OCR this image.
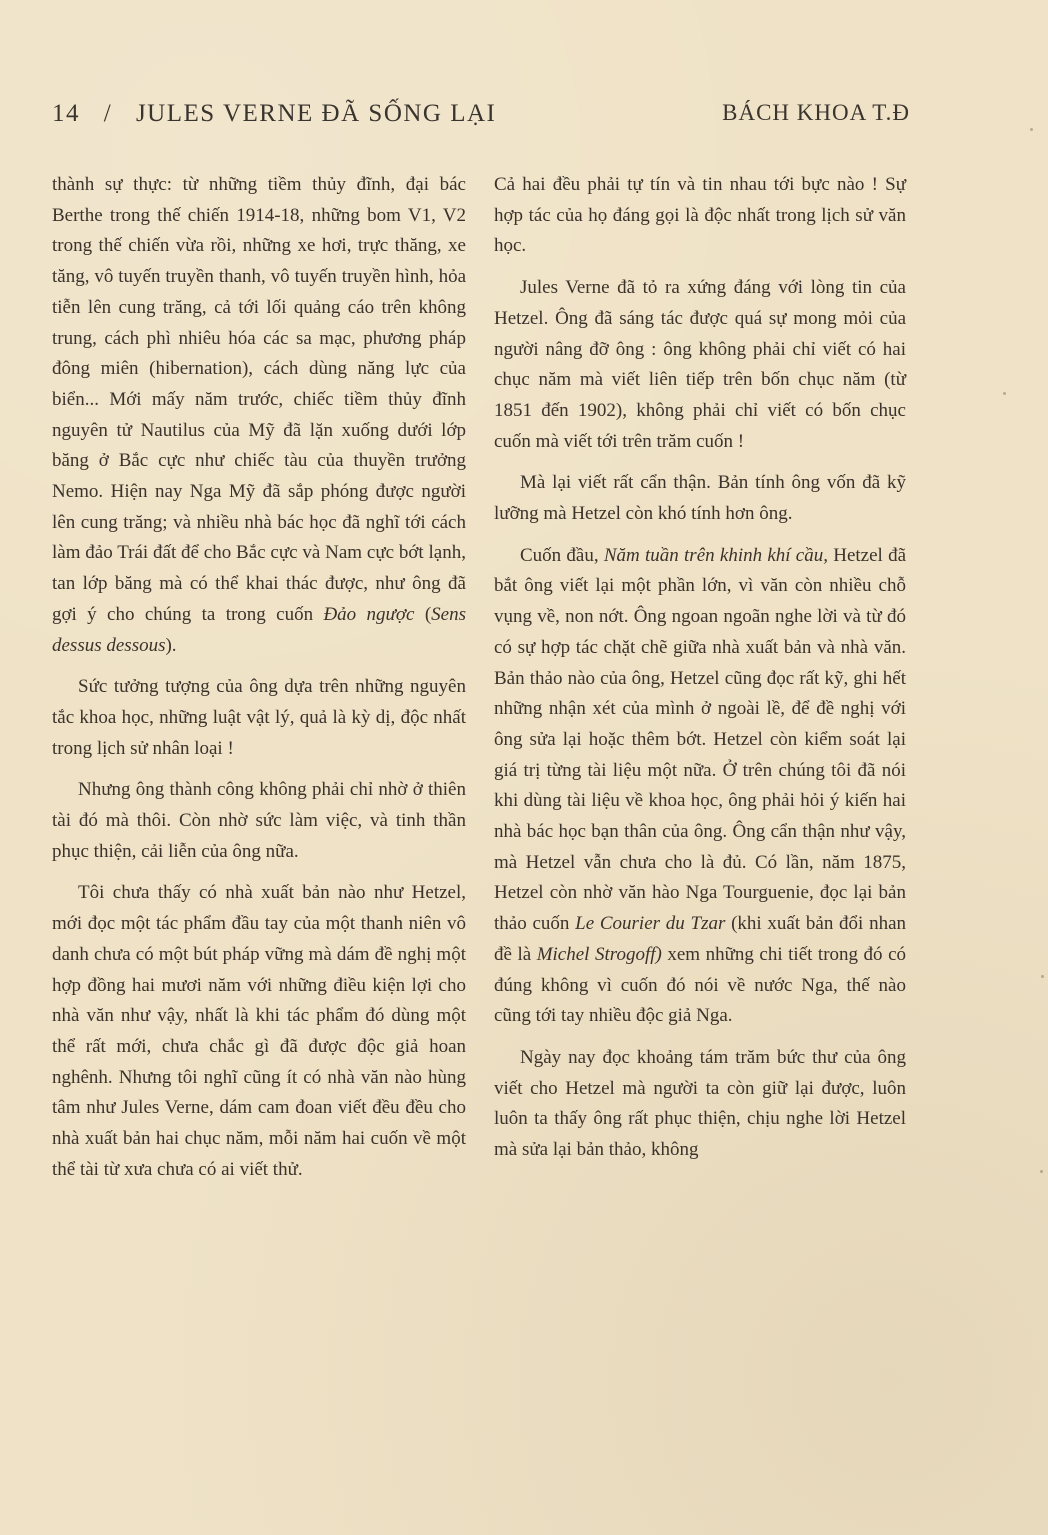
14 / JULES VERNE ĐÃ SỐNG LẠI	BÁCH KHOA T.Đ

thành sự thực: từ những tiềm thủy đĩnh, đại bác Berthe trong thế chiến 1914-18, những bom V1, V2 trong thế chiến vừa rồi, những xe hơi, trực thăng, xe tăng, vô tuyến truyền thanh, vô tuyến truyền hình, hỏa tiễn lên cung trăng, cả tới lối quảng cáo trên không trung, cách phì nhiêu hóa các sa mạc, phương pháp đông miên (hibernation), cách dùng năng lực của biển... Mới mấy năm trước, chiếc tiềm thủy đĩnh nguyên tử Nautilus của Mỹ đã lặn xuống dưới lớp băng ở Bắc cực như chiếc tàu của thuyền trưởng Nemo. Hiện nay Nga Mỹ đã sắp phóng được người lên cung trăng; và nhiều nhà bác học đã nghĩ tới cách làm đảo Trái đất để cho Bắc cực và Nam cực bớt lạnh, tan lớp băng mà có thể khai thác được, như ông đã gợi ý cho chúng ta trong cuốn Đảo ngược (Sens dessus dessous).

Sức tưởng tượng của ông dựa trên những nguyên tắc khoa học, những luật vật lý, quả là kỳ dị, độc nhất trong lịch sử nhân loại !

Nhưng ông thành công không phải chỉ nhờ ở thiên tài đó mà thôi. Còn nhờ sức làm việc, và tinh thần phục thiện, cải liễn của ông nữa.

Tôi chưa thấy có nhà xuất bản nào như Hetzel, mới đọc một tác phẩm đầu tay của một thanh niên vô danh chưa có một bút pháp vững mà dám đề nghị một hợp đồng hai mươi năm với những điều kiện lợi cho nhà văn như vậy, nhất là khi tác phẩm đó dùng một thể rất mới, chưa chắc gì đã được độc giả hoan nghênh. Nhưng tôi nghĩ cũng ít có nhà văn nào hùng tâm như Jules Verne, dám cam đoan viết đều đều cho nhà xuất bản hai chục năm, mỗi năm hai cuốn về một thể tài từ xưa chưa có ai viết thử.

Cả hai đều phải tự tín và tin nhau tới bực nào ! Sự hợp tác của họ đáng gọi là độc nhất trong lịch sử văn học.

Jules Verne đã tỏ ra xứng đáng với lòng tin của Hetzel. Ông đã sáng tác được quá sự mong mỏi của người nâng đỡ ông : ông không phải chỉ viết có hai chục năm mà viết liên tiếp trên bốn chục năm (từ 1851 đến 1902), không phải chỉ viết có bốn chục cuốn mà viết tới trên trăm cuốn !

Mà lại viết rất cẩn thận. Bản tính ông vốn đã kỹ lưỡng mà Hetzel còn khó tính hơn ông.

Cuốn đầu, Năm tuần trên khinh khí cầu, Hetzel đã bắt ông viết lại một phần lớn, vì văn còn nhiều chỗ vụng về, non nớt. Ông ngoan ngoãn nghe lời và từ đó có sự hợp tác chặt chẽ giữa nhà xuất bản và nhà văn. Bản thảo nào của ông, Hetzel cũng đọc rất kỹ, ghi hết những nhận xét của mình ở ngoài lề, để đề nghị với ông sửa lại hoặc thêm bớt. Hetzel còn kiểm soát lại giá trị từng tài liệu một nữa. Ở trên chúng tôi đã nói khi dùng tài liệu về khoa học, ông phải hỏi ý kiến hai nhà bác học bạn thân của ông. Ông cẩn thận như vậy, mà Hetzel vẫn chưa cho là đủ. Có lần, năm 1875, Hetzel còn nhờ văn hào Nga Tourguenie, đọc lại bản thảo cuốn Le Courier du Tzar (khi xuất bản đổi nhan đề là Michel Strogoff) xem những chi tiết trong đó có đúng không vì cuốn đó nói về nước Nga, thế nào cũng tới tay nhiều độc giả Nga.

Ngày nay đọc khoảng tám trăm bức thư của ông viết cho Hetzel mà người ta còn giữ lại được, luôn luôn ta thấy ông rất phục thiện, chịu nghe lời Hetzel mà sửa lại bản thảo, không
